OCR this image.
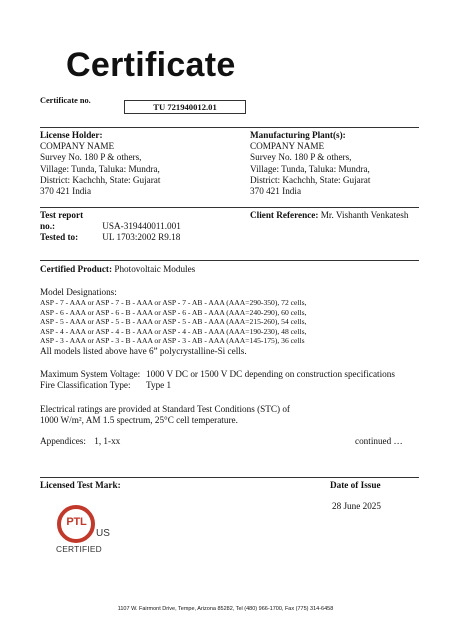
Certificate
Certificate no.
TU 721940012.01
License Holder:
COMPANY NAME
Survey No. 180 P & others,
Village: Tunda, Taluka: Mundra,
District: Kachchh, State: Gujarat
370 421 India
Manufacturing Plant(s):
COMPANY NAME
Survey No. 180 P & others,
Village: Tunda, Taluka: Mundra,
District: Kachchh, State: Gujarat
370 421 India
Test report no.:	USA-319440011.001
Tested to:	UL 1703:2002 R9.18
Client Reference: Mr. Vishanth Venkatesh
Certified Product: Photovoltaic Modules
Model Designations:
ASP - 7 - AAA or ASP - 7 - B - AAA or ASP - 7 - AB - AAA (AAA=290-350), 72 cells,
ASP - 6 - AAA or ASP - 6 - B - AAA or ASP - 6 - AB - AAA (AAA=240-290), 60 cells,
ASP - 5 - AAA or ASP - 5 - B - AAA or ASP - 5 - AB - AAA (AAA=215-260), 54 cells,
ASP - 4 - AAA or ASP - 4 - B - AAA or ASP - 4 - AB - AAA (AAA=190-230), 48 cells,
ASP - 3 - AAA or ASP - 3 - B - AAA or ASP - 3 - AB - AAA (AAA=145-175), 36 cells
All models listed above have 6” polycrystalline-Si cells.
Maximum System Voltage: 1000 V DC or 1500 V DC depending on construction specifications
Fire Classification Type: Type 1
Electrical ratings are provided at Standard Test Conditions (STC) of
1000 W/m², AM 1.5 spectrum, 25°C cell temperature.
Appendices: 1, 1-xx	continued …
Licensed Test Mark:
PTL
US
CERTIFIED
Date of Issue
28 June 2025
1107 W. Fairmont Drive, Tempe, Arizona 85282, Tel (480) 966-1700, Fax (775) 314-6458
